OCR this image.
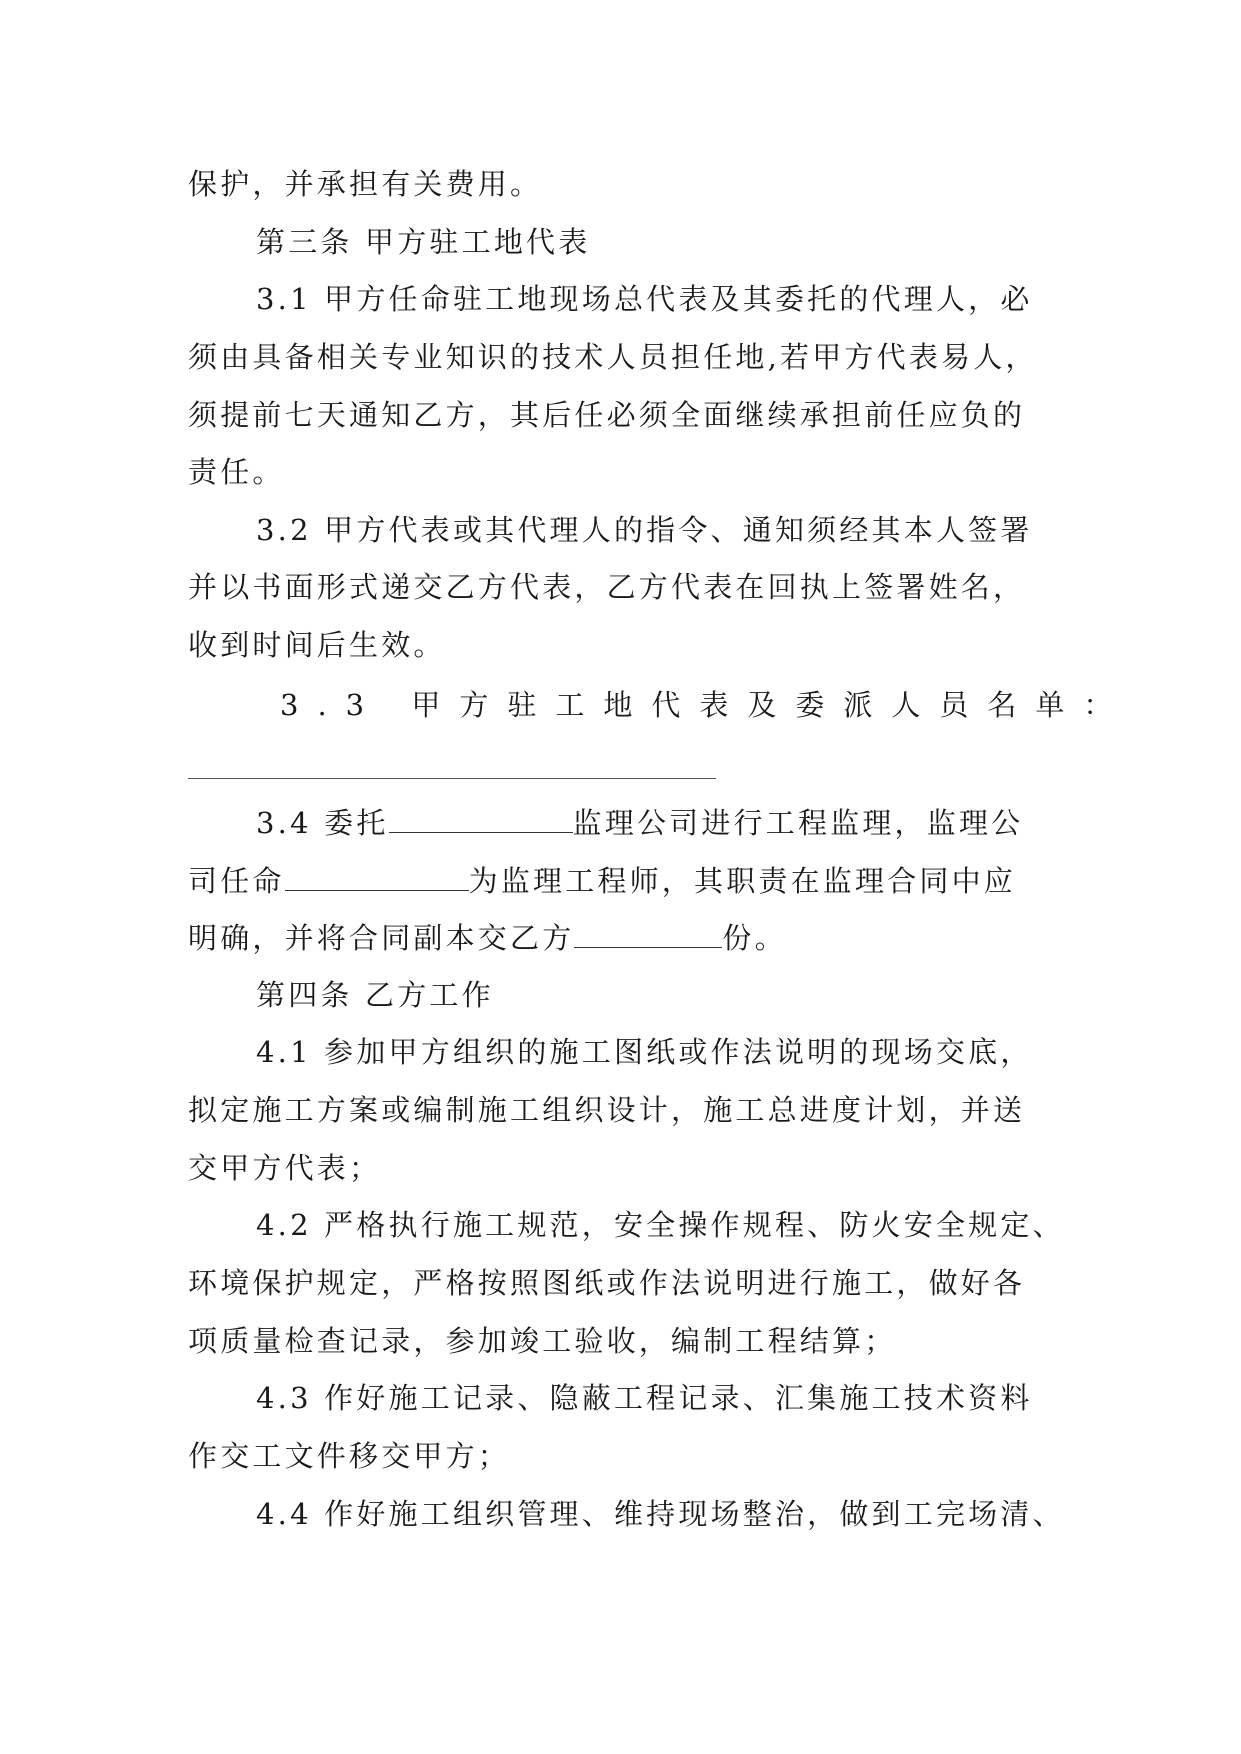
保护，并承担有关费用。
第三条 甲方驻工地代表
3.1 甲方任命驻工地现场总代表及其委托的代理人，必
须由具备相关专业知识的技术人员担任地,若甲方代表易人，
须提前七天通知乙方，其后任必须全面继续承担前任应负的
责任。
3.2 甲方代表或其代理人的指令、通知须经其本人签署
并以书面形式递交乙方代表，乙方代表在回执上签署姓名，
收到时间后生效。
3.3 甲方驻工地代表及委派人员名单：
3.4 委托	监理公司进行工程监理，监理公
司任命	为监理工程师，其职责在监理合同中应
明确，并将合同副本交乙方	份。
第四条 乙方工作
4.1 参加甲方组织的施工图纸或作法说明的现场交底，
拟定施工方案或编制施工组织设计，施工总进度计划，并送
交甲方代表；
4.2 严格执行施工规范，安全操作规程、防火安全规定、
环境保护规定，严格按照图纸或作法说明进行施工，做好各
项质量检查记录，参加竣工验收，编制工程结算；
4.3 作好施工记录、隐蔽工程记录、汇集施工技术资料
作交工文件移交甲方；
4.4 作好施工组织管理、维持现场整治，做到工完场清、
